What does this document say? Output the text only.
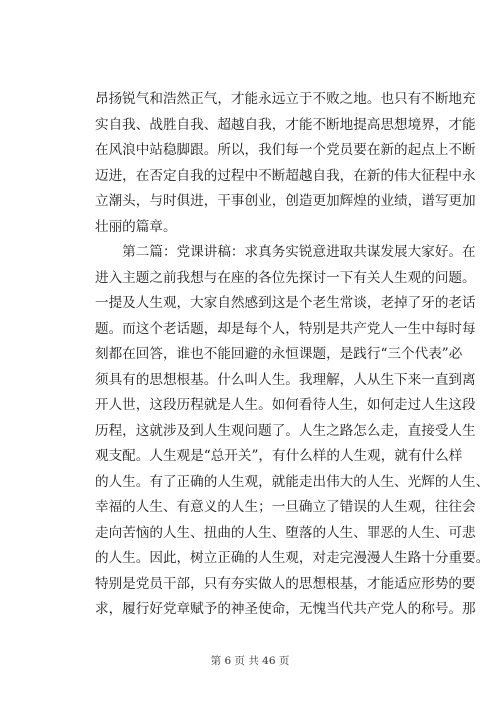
昂扬锐气和浩然正气，才能永远立于不败之地。也只有不断地充
实自我、战胜自我、超越自我，才能不断地提高思想境界，才能
在风浪中站稳脚跟。所以，我们每一个党员要在新的起点上不断
迈进，在否定自我的过程中不断超越自我，在新的伟大征程中永
立潮头，与时俱进，干事创业，创造更加辉煌的业绩，谱写更加
壮丽的篇章。
　　第二篇：党课讲稿：求真务实锐意进取共谋发展大家好。在
进入主题之前我想与在座的各位先探讨一下有关人生观的问题。
一提及人生观，大家自然感到这是个老生常谈，老掉了牙的老话
题。而这个老话题，却是每个人，特别是共产党人一生中每时每
刻都在回答，谁也不能回避的永恒课题，是践行“三个代表”必
须具有的思想根基。什么叫人生。我理解，人从生下来一直到离
开人世，这段历程就是人生。如何看待人生，如何走过人生这段
历程，这就涉及到人生观问题了。人生之路怎么走，直接受人生
观支配。人生观是“总开关”，有什么样的人生观，就有什么样
的人生。有了正确的人生观，就能走出伟大的人生、光辉的人生、
幸福的人生、有意义的人生；一旦确立了错误的人生观，往往会
走向苦恼的人生、扭曲的人生、堕落的人生、罪恶的人生、可悲
的人生。因此，树立正确的人生观，对走完漫漫人生路十分重要。
特别是党员干部，只有夯实做人的思想根基，才能适应形势的要
求，履行好党章赋予的神圣使命，无愧当代共产党人的称号。那
第 6 页 共 46 页
